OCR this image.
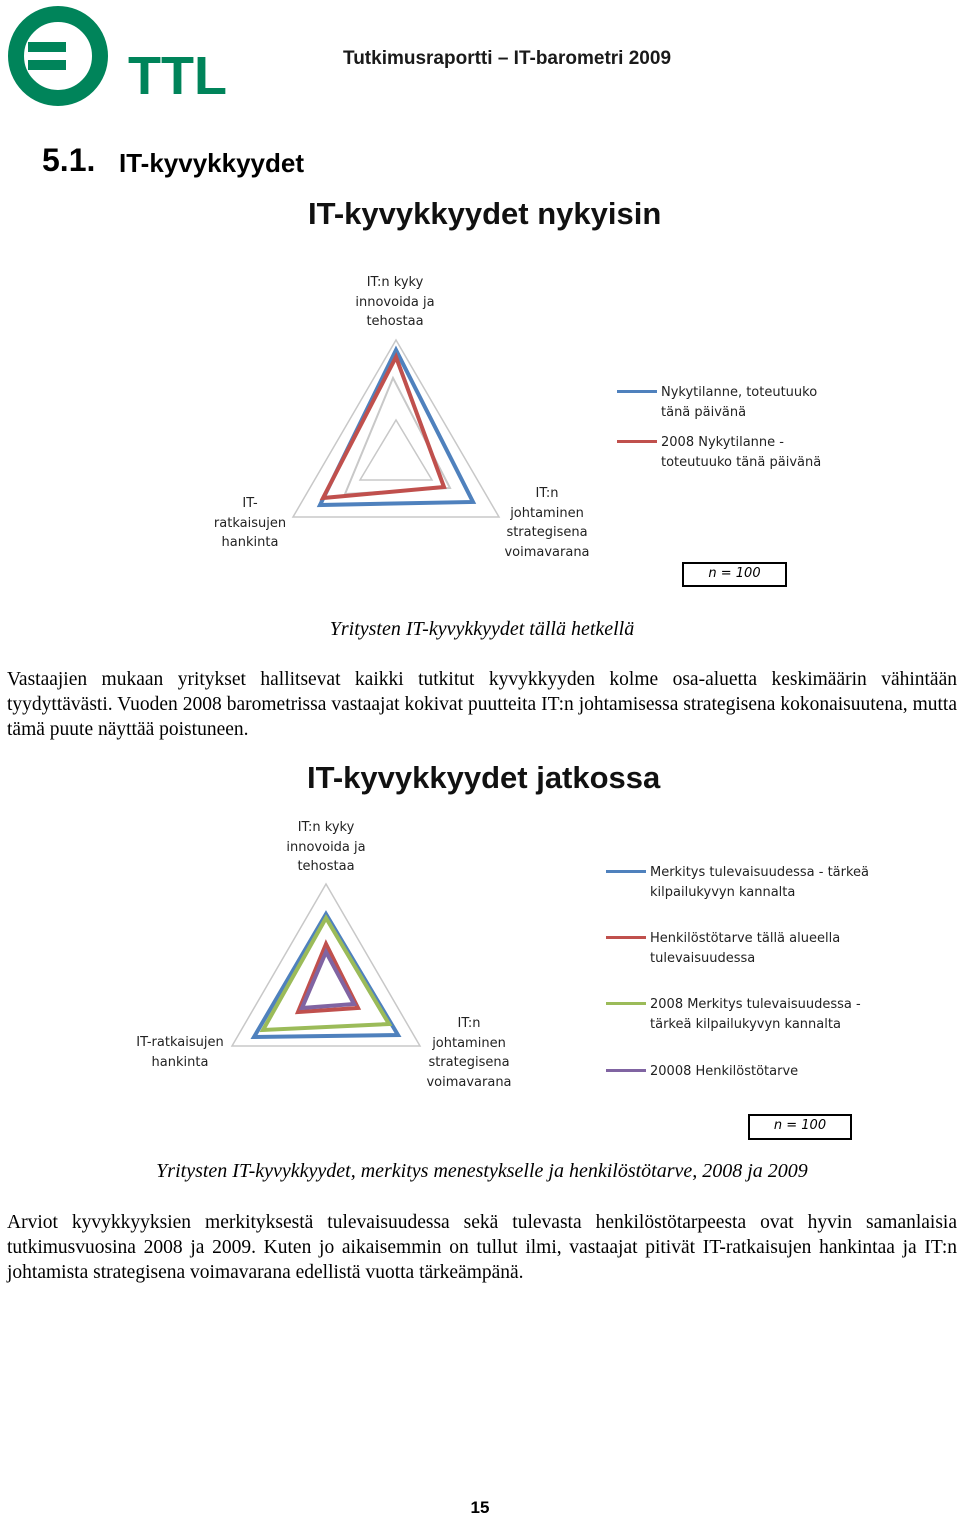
TTL	Tutkimusraportti – IT-barometri 2009
5.1. IT-kyvykkyydet
IT-kyvykkyydet nykyisin
IT:n kyky
innovoida ja
tehostaa
IT-
ratkaisujen
hankinta
IT:n
johtaminen
strategisena
voimavarana
Nykytilanne, toteutuuko
tänä päivänä
2008 Nykytilanne -
toteutuuko tänä päivänä
n = 100
Yritysten IT-kyvykkyydet tällä hetkellä
Vastaajien mukaan yritykset hallitsevat kaikki tutkitut kyvykkyyden kolme osa-aluetta keskimäärin vähintään tyydyttävästi. Vuoden 2008 barometrissa vastaajat kokivat puutteita IT:n johtamisessa strategisena kokonaisuutena, mutta tämä puute näyttää poistuneen.
IT-kyvykkyydet jatkossa
IT:n kyky
innovoida ja
tehostaa
IT-ratkaisujen
hankinta
IT:n
johtaminen
strategisena
voimavarana
Merkitys tulevaisuudessa - tärkeä
kilpailukyvyn kannalta
Henkilöstötarve tällä alueella
tulevaisuudessa
2008 Merkitys tulevaisuudessa -
tärkeä kilpailukyvyn kannalta
20008 Henkilöstötarve
n = 100
Yritysten IT-kyvykkyydet, merkitys menestykselle ja henkilöstötarve, 2008 ja 2009
Arviot kyvykkyyksien merkityksestä tulevaisuudessa sekä tulevasta henkilöstötarpeesta ovat hyvin samanlaisia tutkimusvuosina 2008 ja 2009. Kuten jo aikaisemmin on tullut ilmi, vastaajat pitivät IT-ratkaisujen hankintaa ja IT:n johtamista strategisena voimavarana edellistä vuotta tärkeämpänä.
15
